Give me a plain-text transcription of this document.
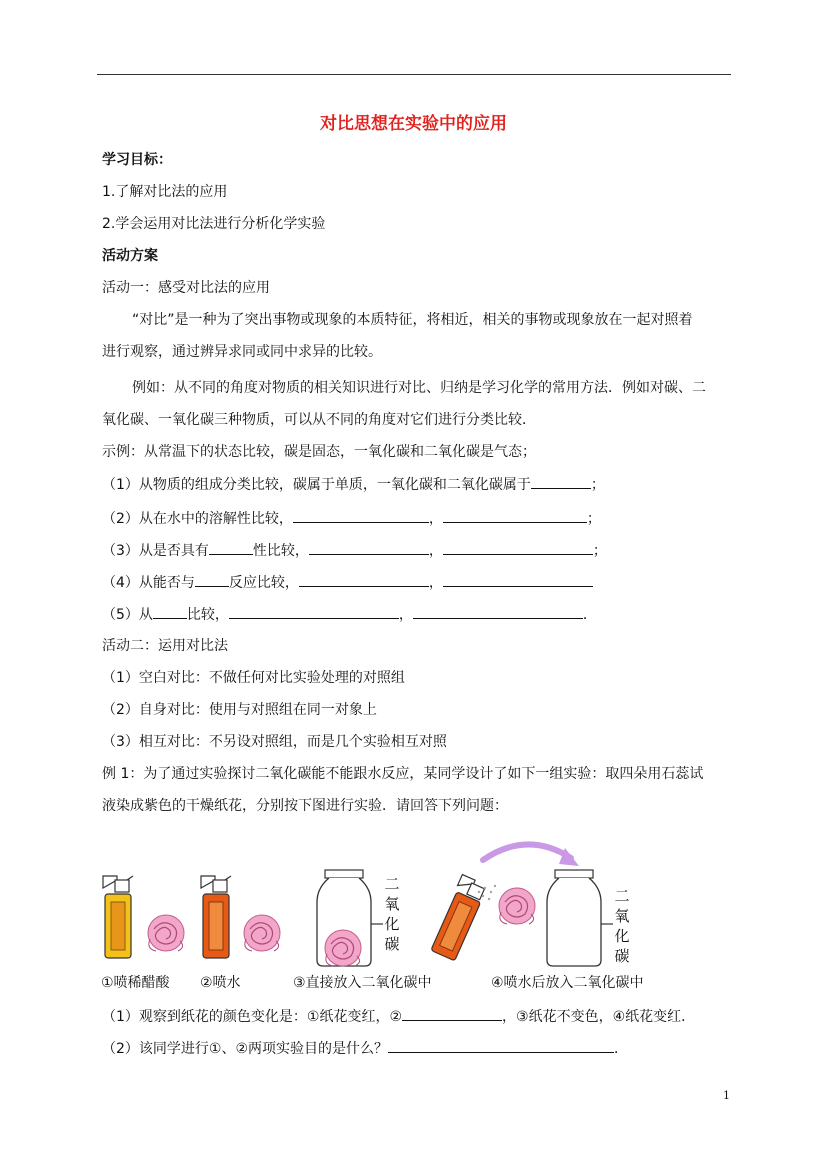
对比思想在实验中的应用
学习目标：
1.了解对比法的应用
2.学会运用对比法进行分析化学实验
活动方案
活动一：感受对比法的应用
“对比”是一种为了突出事物或现象的本质特征，将相近，相关的事物或现象放在一起对照着
进行观察，通过辨异求同或同中求异的比较。
例如：从不同的角度对物质的相关知识进行对比、归纳是学习化学的常用方法．例如对碳、二
氧化碳、一氧化碳三种物质，可以从不同的角度对它们进行分类比较．
示例：从常温下的状态比较，碳是固态，一氧化碳和二氧化碳是气态；
（1）从物质的组成分类比较，碳属于单质，一氧化碳和二氧化碳属于	；
（2）从在水中的溶解性比较，	，	；
（3）从是否具有	性比较，	，	；
（4）从能否与 反应比较，	，
（5）从 比较，	，	．
活动二：运用对比法
（1）空白对比：不做任何对比实验处理的对照组
（2）自身对比：使用与对照组在同一对象上
（3）相互对比：不另设对照组，而是几个实验相互对照
例 1：为了通过实验探讨二氧化碳能不能跟水反应，某同学设计了如下一组实验：取四朵用石蕊试
液染成紫色的干燥纸花，分别按下图进行实验．请回答下列问题：
二
氧
化
碳
二
氧
化
碳
①喷稀醋酸 ②喷水	③直接放入二氧化碳中	④喷水后放入二氧化碳中
（1）观察到纸花的颜色变化是：①纸花变红，②	，③纸花不变色，④纸花变红．
（2）该同学进行①、②两项实验目的是什么？	．
1
